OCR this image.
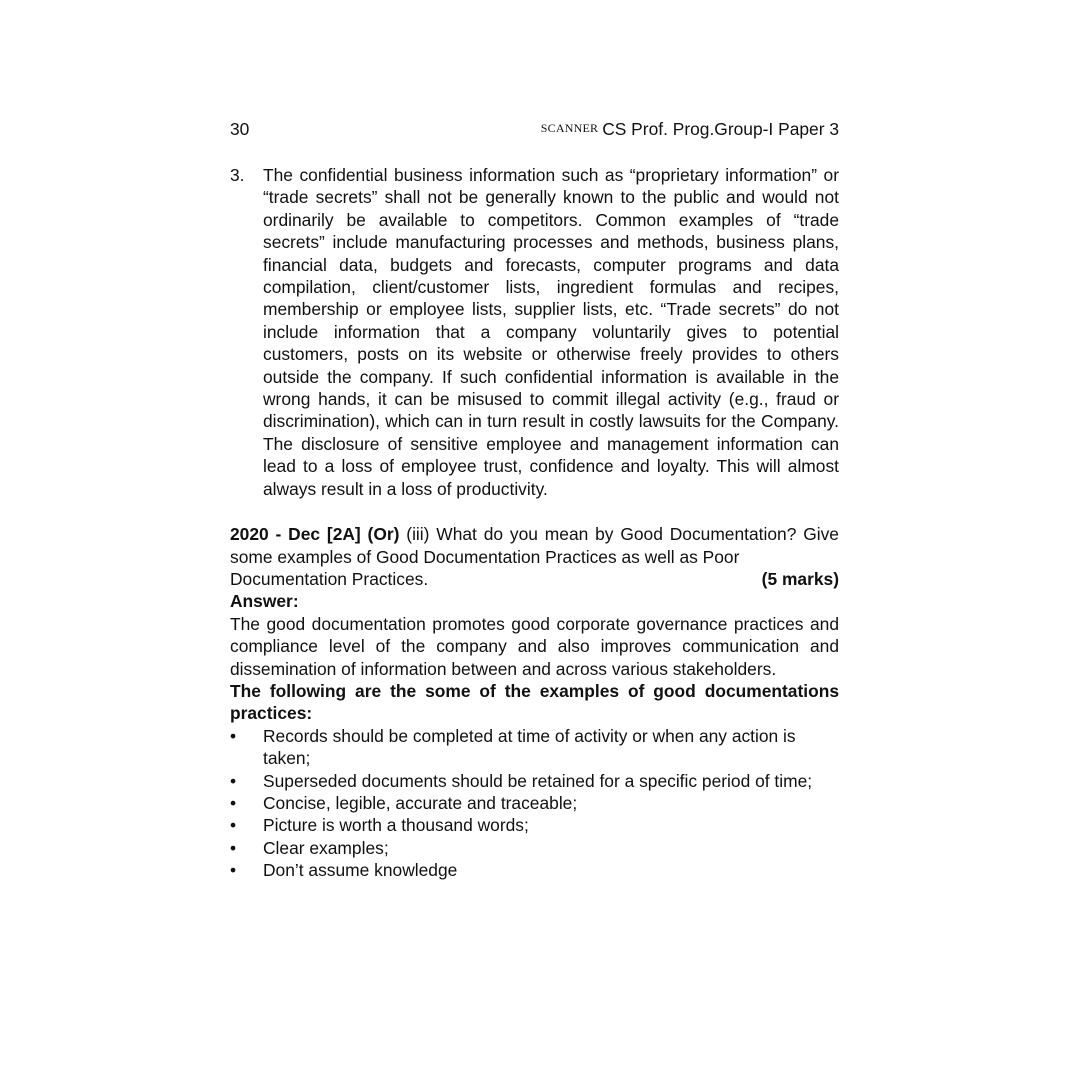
30	SCANNER CS Prof. Prog.Group-I Paper 3
3.	The confidential business information such as “proprietary information” or “trade secrets” shall not be generally known to the public and would not ordinarily be available to competitors. Common examples of “trade secrets” include manufacturing processes and methods, business plans, financial data, budgets and forecasts, computer programs and data compilation, client/customer lists, ingredient formulas and recipes, membership or employee lists, supplier lists, etc. “Trade secrets” do not include information that a company voluntarily gives to potential customers, posts on its website or otherwise freely provides to others outside the company. If such confidential information is available in the wrong hands, it can be misused to commit illegal activity (e.g., fraud or discrimination), which can in turn result in costly lawsuits for the Company. The disclosure of sensitive employee and management information can lead to a loss of employee trust, confidence and loyalty. This will almost always result in a loss of productivity.
2020 - Dec [2A] (Or) (iii) What do you mean by Good Documentation? Give some examples of Good Documentation Practices as well as Poor
Documentation Practices.	(5 marks)
Answer:
The good documentation promotes good corporate governance practices and compliance level of the company and also improves communication and dissemination of information between and across various stakeholders.
The following are the some of the examples of good documentations practices:
•	Records should be completed at time of activity or when any action is taken;
•	Superseded documents should be retained for a specific period of time;
•	Concise, legible, accurate and traceable;
•	Picture is worth a thousand words;
•	Clear examples;
•	Don’t assume knowledge
